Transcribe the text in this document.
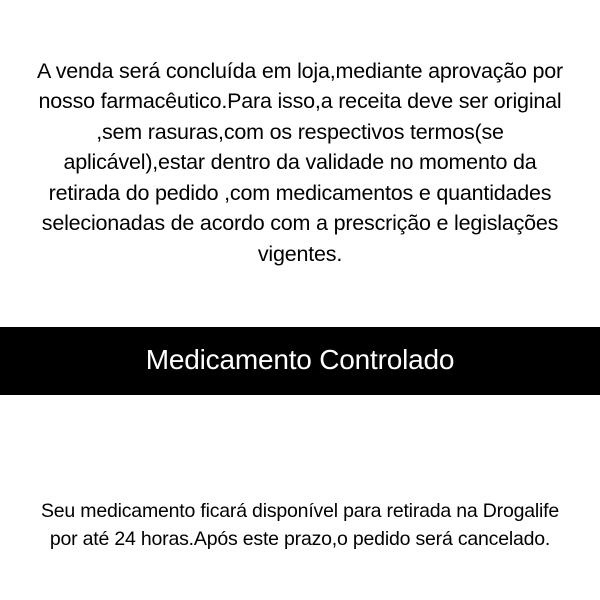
A venda será concluída em loja,mediante aprovação por nosso farmacêutico.Para isso,a receita deve ser original ,sem rasuras,com os respectivos termos(se aplicável),estar dentro da validade no momento da retirada do pedido ,com medicamentos e quantidades selecionadas de acordo com a prescrição e legislações vigentes.

Medicamento Controlado

Seu medicamento ficará disponível para retirada na Drogalife por até 24 horas.Após este prazo,o pedido será cancelado.
